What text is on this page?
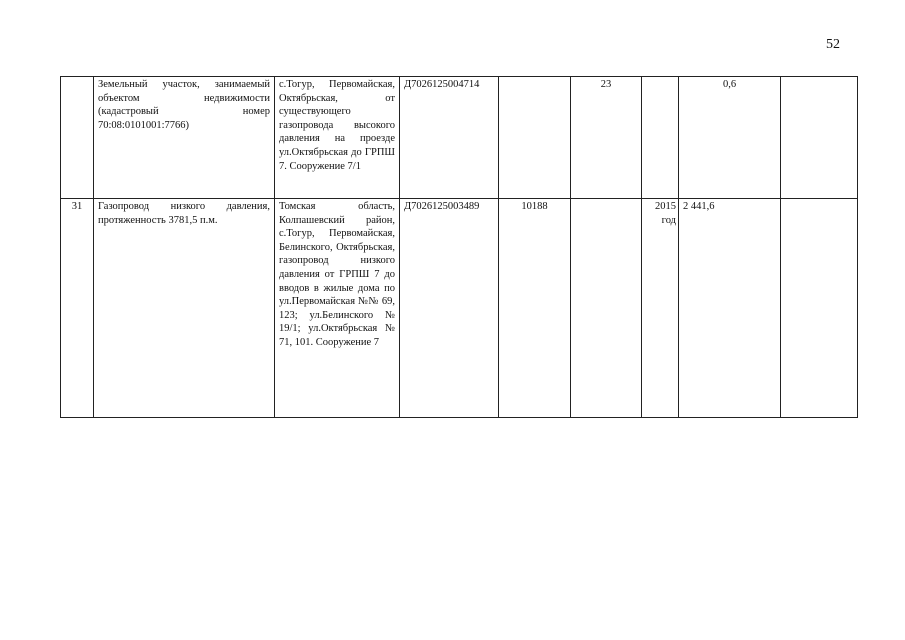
52
	Земельный участок, занимаемый объектом недвижимости (кадастровый номер 70:08:0101001:7766)	с.Тогур, Первомайская, Октябрьская, от существующего газопровода высокого давления на проезде ул.Октябрьская до ГРПШ 7. Сооружение 7/1	Д7026125004714		23		0,6	
31	Газопровод низкого давления, протяженность 3781,5 п.м.	Томская область, Колпашевский район, с.Тогур, Первомайская, Белинского, Октябрьская, газопровод низкого давления от ГРПШ 7 до вводов в жилые дома по ул.Первомайская №№ 69, 123; ул.Белинского № 19/1; ул.Октябрьская № 71, 101. Сооружение 7	Д7026125003489	10188		2015 год	2 441,6	
